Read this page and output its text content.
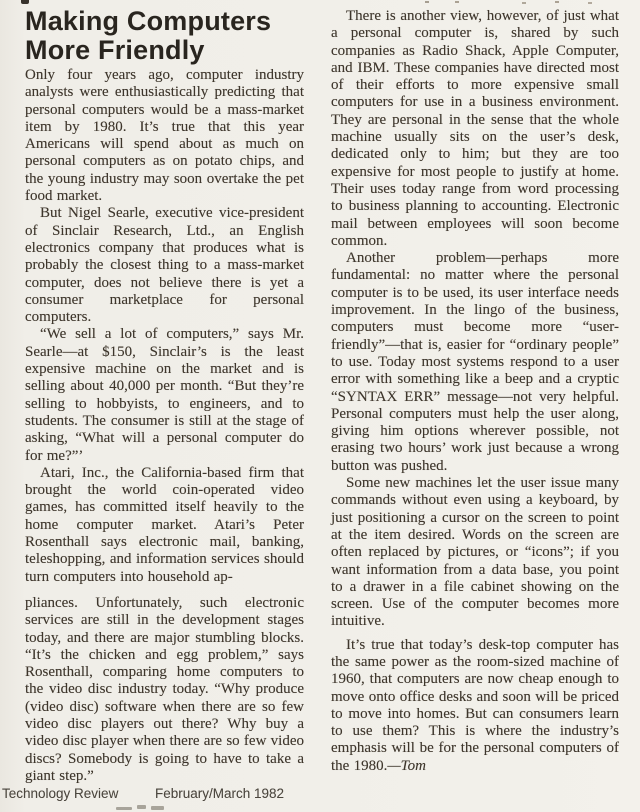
Making Computers More Friendly

Only four years ago, computer industry analysts were enthusiastically predicting that personal computers would be a mass-market item by 1980. It’s true that this year Americans will spend about as much on personal computers as on potato chips, and the young industry may soon overtake the pet food market.

But Nigel Searle, executive vice-president of Sinclair Research, Ltd., an English electronics company that produces what is probably the closest thing to a mass-market computer, does not believe there is yet a consumer marketplace for personal computers.

“We sell a lot of computers,” says Mr. Searle—at $150, Sinclair’s is the least expensive machine on the market and is selling about 40,000 per month. “But they’re selling to hobbyists, to engineers, and to students. The consumer is still at the stage of asking, “What will a personal computer do for me?”’

Atari, Inc., the California-based firm that brought the world coin-operated video games, has committed itself heavily to the home computer market. Atari’s Peter Rosenthall says electronic mail, banking, teleshopping, and information services should turn computers into household ap-

pliances. Unfortunately, such electronic services are still in the development stages today, and there are major stumbling blocks. “It’s the chicken and egg problem,” says Rosenthall, comparing home computers to the video disc industry today. “Why produce (video disc) software when there are so few video disc players out there? Why buy a video disc player when there are so few video discs? Somebody is going to have to take a giant step.”

There is another view, however, of just what a personal computer is, shared by such companies as Radio Shack, Apple Computer, and IBM. These companies have directed most of their efforts to more expensive small computers for use in a business environment. They are personal in the sense that the whole machine usually sits on the user’s desk, dedicated only to him; but they are too expensive for most people to justify at home. Their uses today range from word processing to business planning to accounting. Electronic mail between employees will soon become common.

Another problem—perhaps more fundamental: no matter where the personal computer is to be used, its user interface needs improvement. In the lingo of the business, computers must become more “user-friendly”—that is, easier for “ordinary people” to use. Today most systems respond to a user error with something like a beep and a cryptic “SYNTAX ERR” message—not very helpful. Personal computers must help the user along, giving him options wherever possible, not erasing two hours’ work just because a wrong button was pushed.

Some new machines let the user issue many commands without even using a keyboard, by just positioning a cursor on the screen to point at the item desired. Words on the screen are often replaced by pictures, or “icons”; if you want information from a data base, you point to a drawer in a file cabinet showing on the screen. Use of the computer becomes more intuitive.

It’s true that today’s desk-top computer has the same power as the room-sized machine of 1960, that computers are now cheap enough to move onto office desks and soon will be priced to move into homes. But can consumers learn to use them? This is where the industry’s emphasis will be for the personal computers of the 1980.—Tom

Technology Review	February/March 1982
